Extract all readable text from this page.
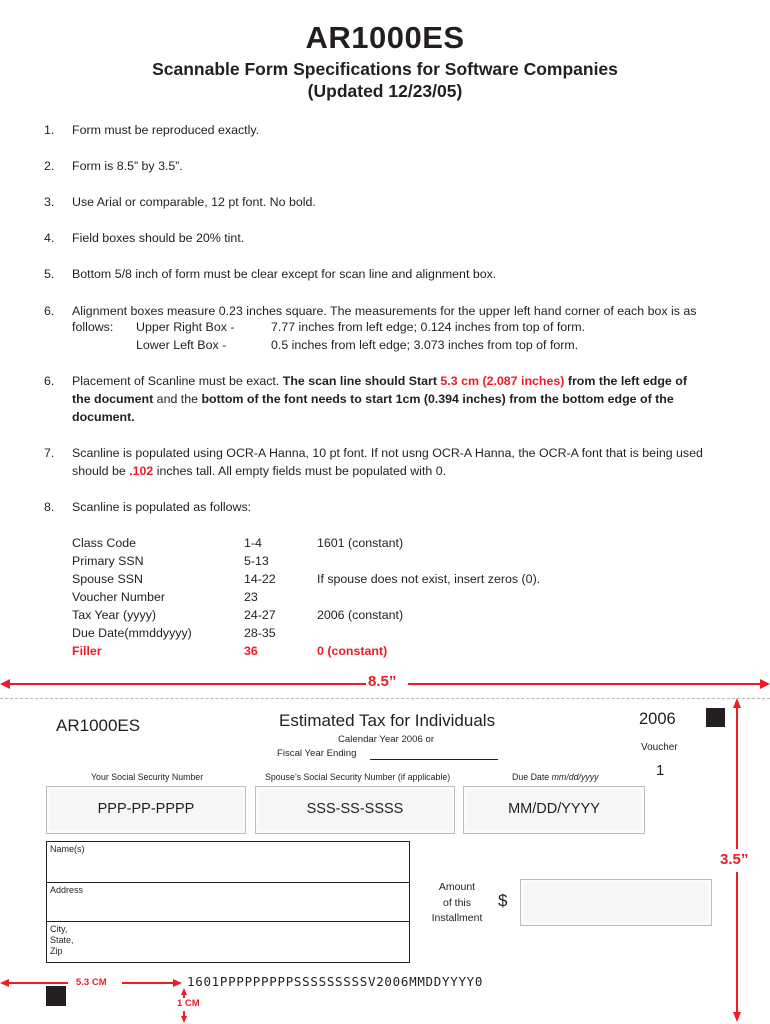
AR1000ES
Scannable Form Specifications for Software Companies
(Updated 12/23/05)
1. Form must be reproduced exactly.
2. Form is 8.5” by 3.5”.
3. Use Arial or comparable, 12 pt font. No bold.
4. Field boxes should be 20% tint.
5. Bottom 5/8 inch of form must be clear except for scan line and alignment box.
6. Alignment boxes measure 0.23 inches square. The measurements for the upper left hand corner of each box is as
follows: Upper Right Box -	7.77 inches from left edge; 0.124 inches from top of form.
Lower Left Box -	0.5 inches from left edge; 3.073 inches from top of form.
6. Placement of Scanline must be exact. The scan line should Start 5.3 cm (2.087 inches) from the left edge of
the document and the bottom of the font needs to start 1cm (0.394 inches) from the bottom edge of the
document.
7. Scanline is populated using OCR-A Hanna, 10 pt font. If not usng OCR-A Hanna, the OCR-A font that is being used
should be .102 inches tall. All empty fields must be populated with 0.
8. Scanline is populated as follows:
Class Code	1-4	1601 (constant)
Primary SSN	5-13
Spouse SSN	14-22	If spouse does not exist, insert zeros (0).
Voucher Number	23
Tax Year (yyyy)	24-27	2006 (constant)
Due Date(mmddyyyy)	28-35
Filler	36	0 (constant)
8.5”
3.5”
AR1000ES	Estimated Tax for Individuals
Calendar Year 2006 or
Fiscal Year Ending
2006
Voucher
1
Your Social Security Number	Spouse’s Social Security Number (if applicable)	Due Date mm/dd/yyyy
PPP-PP-PPPP	SSS-SS-SSSS	MM/DD/YYYY
Name(s)
Address
City,
State,
Zip
Amount
of this
Installment
$
5.3 CM
1 CM
1601PPPPPPPPPSSSSSSSSSV2006MMDDYYYY0
